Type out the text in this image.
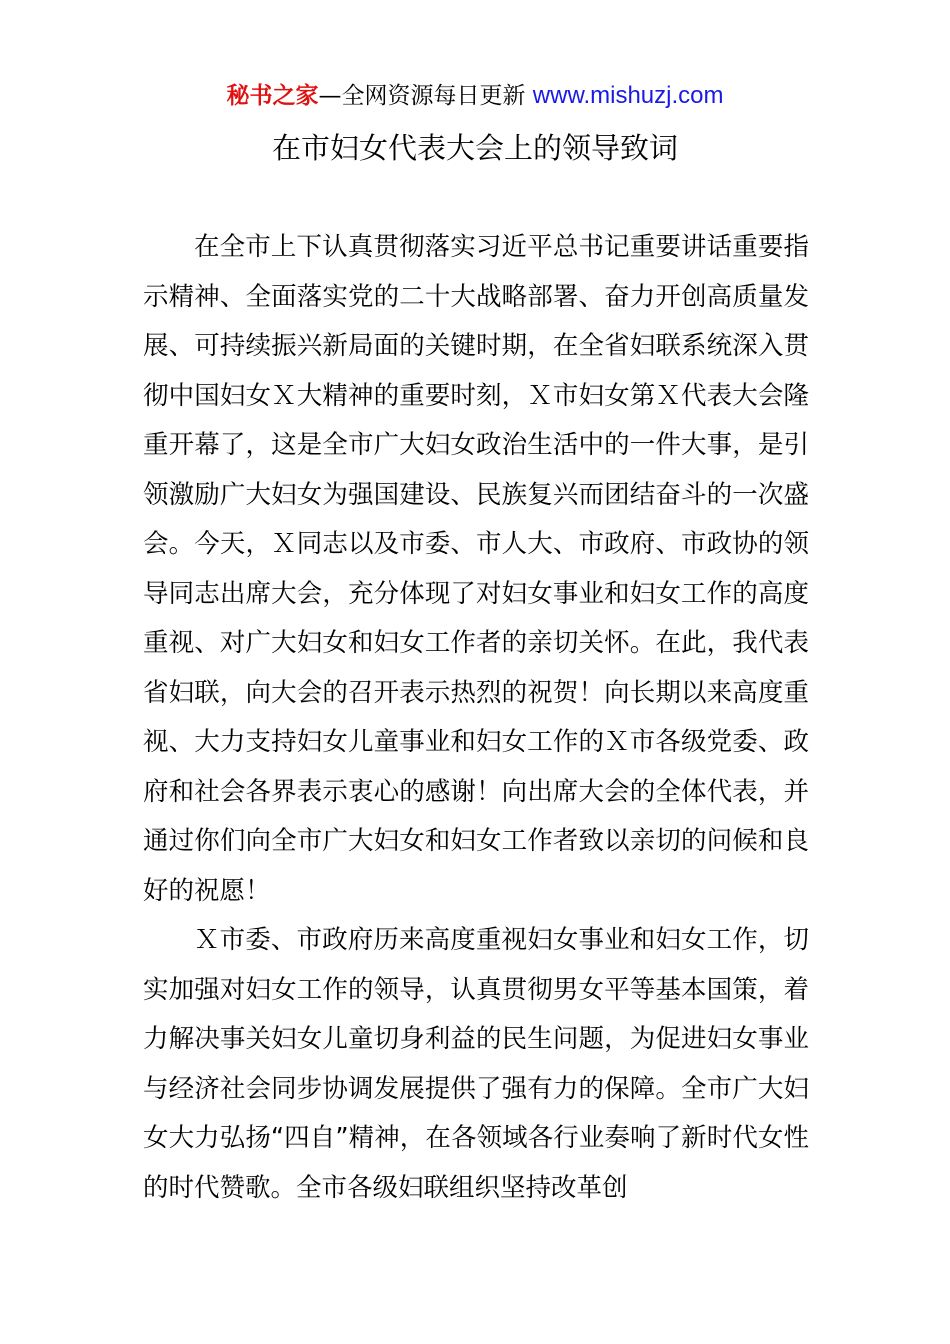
秘书之家—全网资源每日更新 www.mishuzj.com
在市妇女代表大会上的领导致词

在全市上下认真贯彻落实习近平总书记重要讲话重要指示精神、全面落实党的二十大战略部署、奋力开创高质量发展、可持续振兴新局面的关键时期，在全省妇联系统深入贯彻中国妇女Ｘ大精神的重要时刻，Ｘ市妇女第Ｘ代表大会隆重开幕了，这是全市广大妇女政治生活中的一件大事，是引领激励广大妇女为强国建设、民族复兴而团结奋斗的一次盛会。今天，Ｘ同志以及市委、市人大、市政府、市政协的领导同志出席大会，充分体现了对妇女事业和妇女工作的高度重视、对广大妇女和妇女工作者的亲切关怀。在此，我代表省妇联，向大会的召开表示热烈的祝贺！向长期以来高度重视、大力支持妇女儿童事业和妇女工作的Ｘ市各级党委、政府和社会各界表示衷心的感谢！向出席大会的全体代表，并通过你们向全市广大妇女和妇女工作者致以亲切的问候和良好的祝愿！

Ｘ市委、市政府历来高度重视妇女事业和妇女工作，切实加强对妇女工作的领导，认真贯彻男女平等基本国策，着力解决事关妇女儿童切身利益的民生问题，为促进妇女事业与经济社会同步协调发展提供了强有力的保障。全市广大妇女大力弘扬“四自”精神，在各领域各行业奏响了新时代女性的时代赞歌。全市各级妇联组织坚持改革创
